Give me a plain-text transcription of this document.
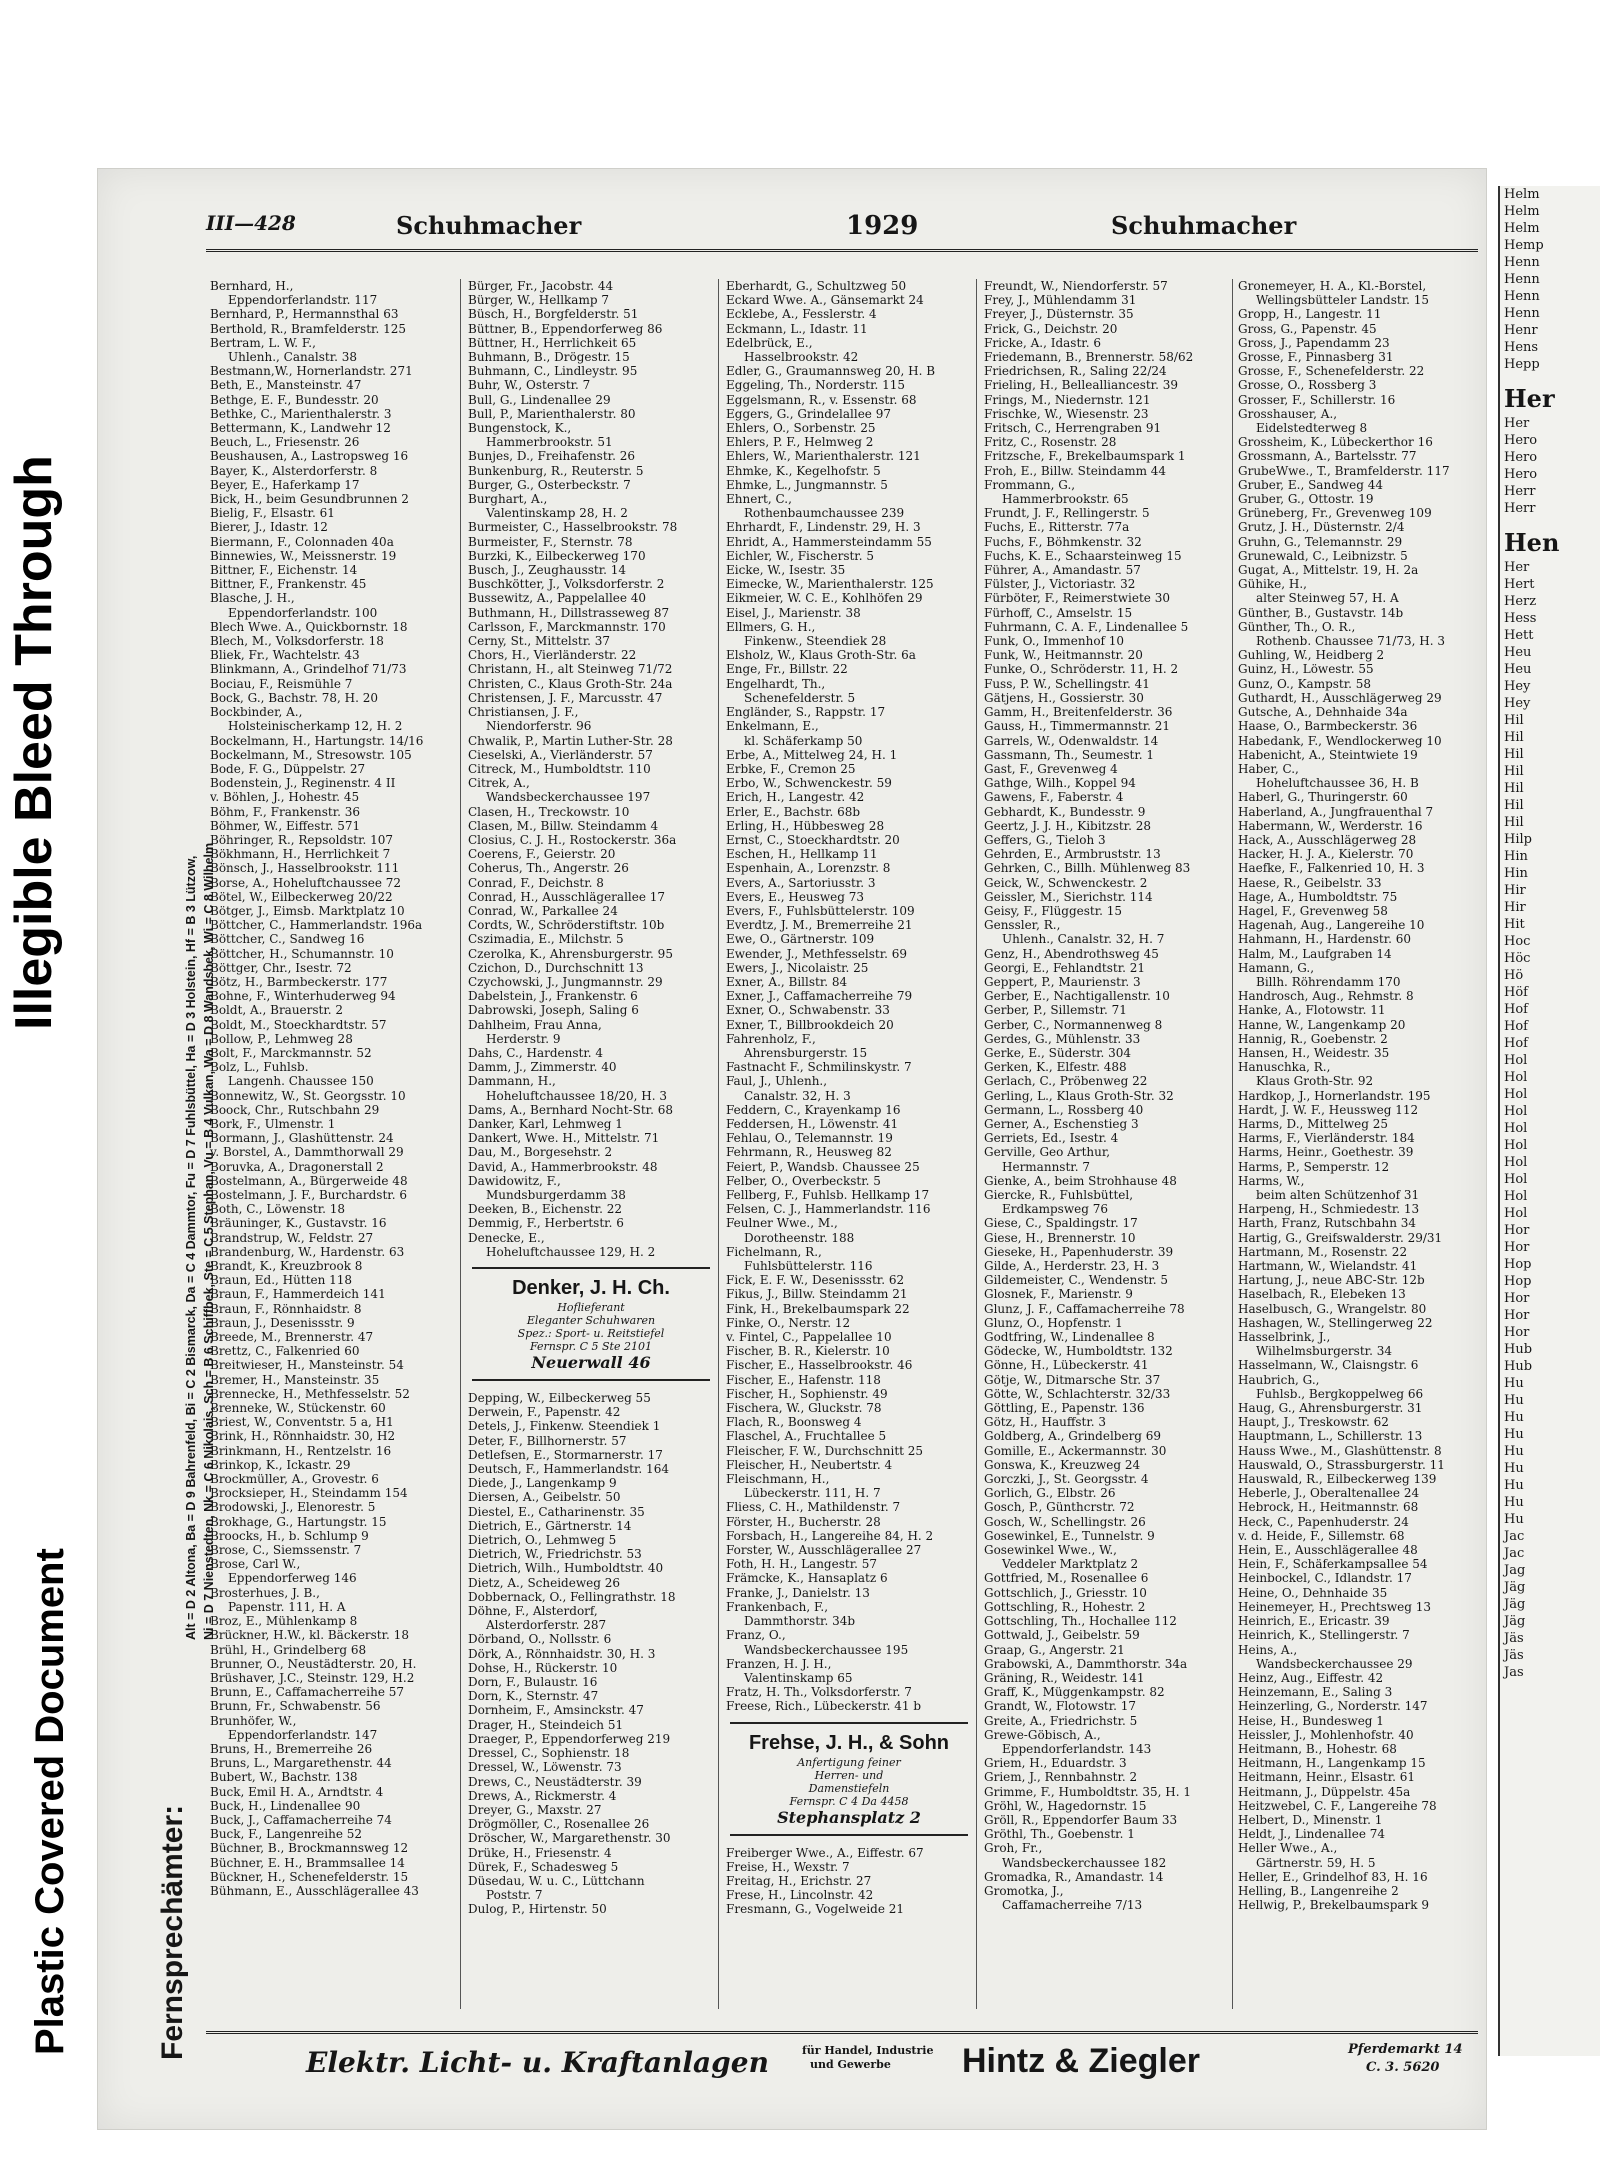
Plastic Covered Document
Illegible Bleed Through
III—428	Schuhmacher	1929	Schuhmacher
Fernsprechämter:
Alt = D 2 Altona, Ba = D 9 Bahrenfeld, Bi = C 2 Bismarck, Da = C 4 Dammtor, Fu = D 7 Fuhlsbüttel, Ha = D 3 Holstein, Hf = B 3 Lützow, Ni = D 7 Nienstedten, Nk = C 6 Nikolais, Sch = B 6 Schiffbek, Ste = C 5 Stephan, Vu = B 4 Vulkan, Wa = D 8 Wandsbek, Wi = C 8 Wilhelm
Bernhard, H.,
Eppendorferlandstr. 117
Bernhard, P., Hermannsthal 63
Berthold, R., Bramfelderstr. 125
Bertram, L. W. F.,
Uhlenh., Canalstr. 38
Bestmann,W., Hornerlandstr. 271
Beth, E., Mansteinstr. 47
Bethge, E. F., Bundesstr. 20
Bethke, C., Marienthalerstr. 3
Bettermann, K., Landwehr 12
Beuch, L., Friesenstr. 26
Beushausen, A., Lastropsweg 16
Bayer, K., Alsterdorferstr. 8
Beyer, E., Haferkamp 17
Bick, H., beim Gesundbrunnen 2
Bielig, F., Elsastr. 61
Bierer, J., Idastr. 12
Biermann, F., Colonnaden 40a
Binnewies, W., Meissnerstr. 19
Bittner, F., Eichenstr. 14
Bittner, F., Frankenstr. 45
Blasche, J. H.,
Eppendorferlandstr. 100
Blech Wwe. A., Quickbornstr. 18
Blech, M., Volksdorferstr. 18
Bliek, Fr., Wachtelstr. 43
Blinkmann, A., Grindelhof 71/73
Bociau, F., Reismühle 7
Bock, G., Bachstr. 78, H. 20
Bockbinder, A.,
Holsteinischerkamp 12, H. 2
Bockelmann, H., Hartungstr. 14/16
Bockelmann, M., Stresowstr. 105
Bode, F. G., Düppelstr. 27
Bodenstein, J., Reginenstr. 4 II
v. Böhlen, J., Hohestr. 45
Böhm, F., Frankenstr. 36
Böhmer, W., Eiffestr. 571
Böhringer, R., Repsoldstr. 107
Bökhmann, H., Herrlichkeit 7
Bönsch, J., Hasselbrookstr. 111
Borse, A., Hoheluftchaussee 72
Bötel, W., Eilbeckerweg 20/22
Bötger, J., Eimsb. Marktplatz 10
Böttcher, C., Hammerlandstr. 196a
Böttcher, C., Sandweg 16
Böttcher, H., Schumannstr. 10
Böttger, Chr., Isestr. 72
Bötz, H., Barmbeckerstr. 177
Bohne, F., Winterhuderweg 94
Boldt, A., Brauerstr. 2
Boldt, M., Stoeckhardtstr. 57
Bollow, P., Lehmweg 28
Bolt, F., Marckmannstr. 52
Bolz, L., Fuhlsb.
Langenh. Chaussee 150
Bonnewitz, W., St. Georgsstr. 10
Boock, Chr., Rutschbahn 29
Bork, F., Ulmenstr. 1
Bormann, J., Glashüttenstr. 24
v. Borstel, A., Dammthorwall 29
Boruvka, A., Dragonerstall 2
Bostelmann, A., Bürgerweide 48
Bostelmann, J. F., Burchardstr. 6
Both, C., Löwenstr. 18
Bräuninger, K., Gustavstr. 16
Brandstrup, W., Feldstr. 27
Brandenburg, W., Hardenstr. 63
Brandt, K., Kreuzbrook 8
Braun, Ed., Hütten 118
Braun, F., Hammerdeich 141
Braun, F., Rönnhaidstr. 8
Braun, J., Desenissstr. 9
Breede, M., Brennerstr. 47
Brettz, C., Falkenried 60
Breitwieser, H., Mansteinstr. 54
Bremer, H., Mansteinstr. 35
Brennecke, H., Methfesselstr. 52
Brenneke, W., Stückenstr. 60
Briest, W., Conventstr. 5 a, H1
Brink, H., Rönnhaidstr. 30, H2
Brinkmann, H., Rentzelstr. 16
Brinkop, K., Ickastr. 29
Brockmüller, A., Grovestr. 6
Brocksieper, H., Steindamm 154
Brodowski, J., Elenorestr. 5
Brokhage, G., Hartungstr. 15
Broocks, H., b. Schlump 9
Brose, C., Siemssenstr. 7
Brose, Carl W.,
Eppendorferweg 146
Brosterhues, J. B.,
Papenstr. 111, H. A
Broz, E., Mühlenkamp 8
Brückner, H.W., kl. Bäckerstr. 18
Brühl, H., Grindelberg 68
Brunner, O., Neustädterstr. 20, H.
Brüshaver, J.C., Steinstr. 129, H.2
Brunn, E., Caffamacherreihe 57
Brunn, Fr., Schwabenstr. 56
Brunhöfer, W.,
Eppendorferlandstr. 147
Bruns, H., Bremerreihe 26
Bruns, L., Margarethenstr. 44
Bubert, W., Bachstr. 138
Buck, Emil H. A., Arndtstr. 4
Buck, H., Lindenallee 90
Buck, J., Caffamacherreihe 74
Buck, F., Langenreihe 52
Büchner, B., Brockmannsweg 12
Büchner, E. H., Brammsallee 14
Bückner, H., Schenefelderstr. 15
Bühmann, E., Ausschlägerallee 43
Bürger, Fr., Jacobstr. 44
Bürger, W., Hellkamp 7
Büsch, H., Borgfelderstr. 51
Büttner, B., Eppendorferweg 86
Büttner, H., Herrlichkeit 65
Buhmann, B., Drögestr. 15
Buhmann, C., Lindleystr. 95
Buhr, W., Osterstr. 7
Bull, G., Lindenallee 29
Bull, P., Marienthalerstr. 80
Bungenstock, K.,
Hammerbrookstr. 51
Bunjes, D., Freihafenstr. 26
Bunkenburg, R., Reuterstr. 5
Burger, G., Osterbeckstr. 7
Burghart, A.,
Valentinskamp 28, H. 2
Burmeister, C., Hasselbrookstr. 78
Burmeister, F., Sternstr. 78
Burzki, K., Eilbeckerweg 170
Busch, J., Zeughausstr. 14
Buschkötter, J., Volksdorferstr. 2
Bussewitz, A., Pappelallee 40
Buthmann, H., Dillstrasseweg 87
Carlsson, F., Marckmannstr. 170
Cerny, St., Mittelstr. 37
Chors, H., Vierländerstr. 22
Christann, H., alt Steinweg 71/72
Christen, C., Klaus Groth-Str. 24a
Christensen, J. F., Marcusstr. 47
Christiansen, J. F.,
Niendorferstr. 96
Chwalik, P., Martin Luther-Str. 28
Cieselski, A., Vierländerstr. 57
Citreck, M., Humboldtstr. 110
Citrek, A.,
Wandsbeckerchaussee 197
Clasen, H., Treckowstr. 10
Clasen, M., Billw. Steindamm 4
Closius, C. J. H., Rostockerstr. 36a
Coerens, F., Geierstr. 20
Coherus, Th., Angerstr. 26
Conrad, F., Deichstr. 8
Conrad, H., Ausschlägerallee 17
Conrad, W., Parkallee 24
Cordts, W., Schröderstiftstr. 10b
Cszimadia, E., Milchstr. 5
Czerolka, K., Ahrensburgerstr. 95
Czichon, D., Durchschnitt 13
Czychowski, J., Jungmannstr. 29
Dabelstein, J., Frankenstr. 6
Dabrowski, Joseph, Saling 6
Dahlheim, Frau Anna,
Herderstr. 9
Dahs, C., Hardenstr. 4
Damm, J., Zimmerstr. 40
Dammann, H.,
Hoheluftchaussee 18/20, H. 3
Dams, A., Bernhard Nocht-Str. 68
Danker, Karl, Lehmweg 1
Dankert, Wwe. H., Mittelstr. 71
Dau, M., Borgesehstr. 2
David, A., Hammerbrookstr. 48
Dawidowitz, F.,
Mundsburgerdamm 38
Deeken, B., Eichenstr. 22
Demmig, F., Herbertstr. 6
Denecke, E.,
Hoheluftchaussee 129, H. 2
Denker, J. H. Ch.
Hoflieferant
Eleganter Schuhwaren
Spez.: Sport- u. Reitstiefel
Fernspr. C 5 Ste 2101
Neuerwall 46
Depping, W., Eilbeckerweg 55
Derwein, F., Papenstr. 42
Detels, J., Finkenw. Steendiek 1
Deter, F., Billhornerstr. 57
Detlefsen, E., Stormarnerstr. 17
Deutsch, F., Hammerlandstr. 164
Diede, J., Langenkamp 9
Diersen, A., Geibelstr. 50
Diestel, E., Catharinenstr. 35
Dietrich, E., Gärtnerstr. 14
Dietrich, O., Lehmweg 5
Dietrich, W., Friedrichstr. 53
Dietrich, Wilh., Humboldtstr. 40
Dietz, A., Scheideweg 26
Dobbernack, O., Fellingrathstr. 18
Döhne, F., Alsterdorf,
Alsterdorferstr. 287
Dörband, O., Nollsstr. 6
Dörk, A., Rönnhaidstr. 30, H. 3
Dohse, H., Rückerstr. 10
Dorn, F., Bulaustr. 16
Dorn, K., Sternstr. 47
Dornheim, F., Amsinckstr. 47
Drager, H., Steindeich 51
Draeger, P., Eppendorferweg 219
Dressel, C., Sophienstr. 18
Dressel, W., Löwenstr. 73
Drews, C., Neustädterstr. 39
Drews, A., Rickmerstr. 4
Dreyer, G., Maxstr. 27
Drögmöller, C., Rosenallee 26
Dröscher, W., Margarethenstr. 30
Drüke, H., Friesenstr. 4
Dürek, F., Schadesweg 5
Düsedau, W. u. C., Lüttchann
Poststr. 7
Dulog, P., Hirtenstr. 50
Eberhardt, G., Schultzweg 50
Eckard Wwe. A., Gänsemarkt 24
Ecklebe, A., Fesslerstr. 4
Eckmann, L., Idastr. 11
Edelbrück, E.,
Hasselbrookstr. 42
Edler, G., Graumannsweg 20, H. B
Eggeling, Th., Norderstr. 115
Eggelsmann, R., v. Essenstr. 68
Eggers, G., Grindelallee 97
Ehlers, O., Sorbenstr. 25
Ehlers, P. F., Helmweg 2
Ehlers, W., Marienthalerstr. 121
Ehmke, K., Kegelhofstr. 5
Ehmke, L., Jungmannstr. 5
Ehnert, C.,
Rothenbaumchaussee 239
Ehrhardt, F., Lindenstr. 29, H. 3
Ehridt, A., Hammersteindamm 55
Eichler, W., Fischerstr. 5
Eicke, W., Isestr. 35
Eimecke, W., Marienthalerstr. 125
Eikmeier, W. C. E., Kohlhöfen 29
Eisel, J., Marienstr. 38
Ellmers, G. H.,
Finkenw., Steendiek 28
Elsholz, W., Klaus Groth-Str. 6a
Enge, Fr., Billstr. 22
Engelhardt, Th.,
Schenefelderstr. 5
Engländer, S., Rappstr. 17
Enkelmann, E.,
kl. Schäferkamp 50
Erbe, A., Mittelweg 24, H. 1
Erbke, F., Cremon 25
Erbo, W., Schwenckestr. 59
Erich, H., Langestr. 42
Erler, E., Bachstr. 68b
Erling, H., Hübbesweg 28
Ernst, C., Stoeckhardtstr. 20
Eschen, H., Hellkamp 11
Espenhain, A., Lorenzstr. 8
Evers, A., Sartoriusstr. 3
Evers, E., Heusweg 73
Evers, F., Fuhlsbüttelerstr. 109
Everdtz, J. M., Bremerreihe 21
Ewe, O., Gärtnerstr. 109
Ewender, J., Methfesselstr. 69
Ewers, J., Nicolaistr. 25
Exner, A., Billstr. 84
Exner, J., Caffamacherreihe 79
Exner, O., Schwabenstr. 33
Exner, T., Billbrookdeich 20
Fahrenholz, F.,
Ahrensburgerstr. 15
Fastnacht F., Schmilinskystr. 7
Faul, J., Uhlenh.,
Canalstr. 32, H. 3
Feddern, C., Krayenkamp 16
Feddersen, H., Löwenstr. 41
Fehlau, O., Telemannstr. 19
Fehrmann, R., Heusweg 82
Feiert, P., Wandsb. Chaussee 25
Felber, O., Overbeckstr. 5
Fellberg, F., Fuhlsb. Hellkamp 17
Felsen, C. J., Hammerlandstr. 116
Feulner Wwe., M.,
Dorotheenstr. 188
Fichelmann, R.,
Fuhlsbüttelerstr. 116
Fick, E. F. W., Desenissstr. 62
Fikus, J., Billw. Steindamm 21
Fink, H., Brekelbaumspark 22
Finke, O., Nerstr. 12
v. Fintel, C., Pappelallee 10
Fischer, B. R., Kielerstr. 10
Fischer, E., Hasselbrookstr. 46
Fischer, E., Hafenstr. 118
Fischer, H., Sophienstr. 49
Fischera, W., Gluckstr. 78
Flach, R., Boonsweg 4
Flaschel, A., Fruchtallee 5
Fleischer, F. W., Durchschnitt 25
Fleischer, H., Neubertstr. 4
Fleischmann, H.,
Lübeckerstr. 111, H. 7
Fliess, C. H., Mathildenstr. 7
Förster, H., Bucherstr. 28
Forsbach, H., Langereihe 84, H. 2
Forster, W., Ausschlägerallee 27
Foth, H. H., Langestr. 57
Främcke, K., Hansaplatz 6
Franke, J., Danielstr. 13
Frankenbach, F.,
Dammthorstr. 34b
Franz, O.,
Wandsbeckerchaussee 195
Franzen, H. J. H.,
Valentinskamp 65
Fratz, H. Th., Volksdorferstr. 7
Freese, Rich., Lübeckerstr. 41 b
Frehse, J. H., & Sohn
Anfertigung feiner
Herren- und
Damenstiefeln
Fernspr. C 4 Da 4458
Stephansplatz 2
Freiberger Wwe., A., Eiffestr. 67
Freise, H., Wexstr. 7
Freitag, H., Erichstr. 27
Frese, H., Lincolnstr. 42
Fresmann, G., Vogelweide 21
Freundt, W., Niendorferstr. 57
Frey, J., Mühlendamm 31
Freyer, J., Düsternstr. 35
Frick, G., Deichstr. 20
Fricke, A., Idastr. 6
Friedemann, B., Brennerstr. 58/62
Friedrichsen, R., Saling 22/24
Frieling, H., Bellealliancestr. 39
Frings, M., Niedernstr. 121
Frischke, W., Wiesenstr. 23
Fritsch, C., Herrengraben 91
Fritz, C., Rosenstr. 28
Fritzsche, F., Brekelbaumspark 1
Froh, E., Billw. Steindamm 44
Frommann, G.,
Hammerbrookstr. 65
Frundt, J. F., Rellingerstr. 5
Fuchs, E., Ritterstr. 77a
Fuchs, F., Böhmkenstr. 32
Fuchs, K. E., Schaarsteinweg 15
Führer, A., Amandastr. 57
Fülster, J., Victoriastr. 32
Fürböter, F., Reimerstwiete 30
Fürhoff, C., Amselstr. 15
Fuhrmann, C. A. F., Lindenallee 5
Funk, O., Immenhof 10
Funk, W., Heitmannstr. 20
Funke, O., Schröderstr. 11, H. 2
Fuss, P. W., Schellingstr. 41
Gätjens, H., Gossierstr. 30
Gamm, H., Breitenfelderstr. 36
Gauss, H., Timmermannstr. 21
Garrels, W., Odenwaldstr. 14
Gassmann, Th., Seumestr. 1
Gast, F., Grevenweg 4
Gathge, Wilh., Koppel 94
Gawens, F., Faberstr. 4
Gebhardt, K., Bundesstr. 9
Geertz, J. J. H., Kibitzstr. 28
Geffers, G., Tieloh 3
Gehrden, E., Armbruststr. 13
Gehrken, C., Billh. Mühlenweg 83
Geick, W., Schwenckestr. 2
Geissler, M., Sierichstr. 114
Geisy, F., Flüggestr. 15
Genssler, R.,
Uhlenh., Canalstr. 32, H. 7
Genz, H., Abendrothsweg 45
Georgi, E., Fehlandtstr. 21
Geppert, P., Maurienstr. 3
Gerber, E., Nachtigallenstr. 10
Gerber, P., Sillemstr. 71
Gerber, C., Normannenweg 8
Gerdes, G., Mühlenstr. 33
Gerke, E., Süderstr. 304
Gerken, K., Elfestr. 488
Gerlach, C., Pröbenweg 22
Gerling, L., Klaus Groth-Str. 32
Germann, L., Rossberg 40
Gerner, A., Eschenstieg 3
Gerriets, Ed., Isestr. 4
Gerville, Geo Arthur,
Hermannstr. 7
Gienke, A., beim Strohhause 48
Giercke, R., Fuhlsbüttel,
Erdkampsweg 76
Giese, C., Spaldingstr. 17
Giese, H., Brennerstr. 10
Gieseke, H., Papenhuderstr. 39
Gilde, A., Herderstr. 23, H. 3
Gildemeister, C., Wendenstr. 5
Glosnek, F., Marienstr. 9
Glunz, J. F., Caffamacherreihe 78
Glunz, O., Hopfenstr. 1
Godtfring, W., Lindenallee 8
Gödecke, W., Humboldtstr. 132
Gönne, H., Lübeckerstr. 41
Götje, W., Ditmarsche Str. 37
Götte, W., Schlachterstr. 32/33
Göttling, E., Papenstr. 136
Götz, H., Hauffstr. 3
Goldberg, A., Grindelberg 69
Gomille, E., Ackermannstr. 30
Gonswa, K., Kreuzweg 24
Gorczki, J., St. Georgsstr. 4
Gorlich, G., Elbstr. 26
Gosch, P., Günthcrstr. 72
Gosch, W., Schellingstr. 26
Gosewinkel, E., Tunnelstr. 9
Gosewinkel Wwe., W.,
Veddeler Marktplatz 2
Gottfried, M., Rosenallee 6
Gottschlich, J., Griesstr. 10
Gottschling, R., Hohestr. 2
Gottschling, Th., Hochallee 112
Gottwald, J., Geibelstr. 59
Graap, G., Angerstr. 21
Grabowski, A., Dammthorstr. 34a
Gräning, R., Weidestr. 141
Graff, K., Müggenkampstr. 82
Grandt, W., Flotowstr. 17
Greite, A., Friedrichstr. 5
Grewe-Göbisch, A.,
Eppendorferlandstr. 143
Griem, H., Eduardstr. 3
Griem, J., Rennbahnstr. 2
Grimme, F., Humboldtstr. 35, H. 1
Gröhl, W., Hagedornstr. 15
Gröll, R., Eppendorfer Baum 33
Gröthl, Th., Goebenstr. 1
Groh, Fr.,
Wandsbeckerchaussee 182
Gromadka, R., Amandastr. 14
Gromotka, J.,
Caffamacherreihe 7/13
Gronemeyer, H. A., Kl.-Borstel,
Wellingsbütteler Landstr. 15
Gropp, H., Langestr. 11
Gross, G., Papenstr. 45
Gross, J., Papendamm 23
Grosse, F., Pinnasberg 31
Grosse, F., Schenefelderstr. 22
Grosse, O., Rossberg 3
Grosser, F., Schillerstr. 16
Grosshauser, A.,
Eidelstedterweg 8
Grossheim, K., Lübeckerthor 16
Grossmann, A., Bartelsstr. 77
GrubeWwe., T., Bramfelderstr. 117
Gruber, E., Sandweg 44
Gruber, G., Ottostr. 19
Grüneberg, Fr., Grevenweg 109
Grutz, J. H., Düsternstr. 2/4
Gruhn, G., Telemannstr. 29
Grunewald, C., Leibnizstr. 5
Gugat, A., Mittelstr. 19, H. 2a
Gühike, H.,
alter Steinweg 57, H. A
Günther, B., Gustavstr. 14b
Günther, Th., O. R.,
Rothenb. Chaussee 71/73, H. 3
Guhling, W., Heidberg 2
Guinz, H., Löwestr. 55
Gunz, O., Kampstr. 58
Guthardt, H., Ausschlägerweg 29
Gutsche, A., Dehnhaide 34a
Haase, O., Barmbeckerstr. 36
Habedank, F., Wendlockerweg 10
Habenicht, A., Steintwiete 19
Haber, C.,
Hoheluftchaussee 36, H. B
Haberl, G., Thuringerstr. 60
Haberland, A., Jungfrauenthal 7
Habermann, W., Werderstr. 16
Hack, A., Ausschlägerweg 28
Hacker, H. J. A., Kielerstr. 70
Haefke, F., Falkenried 10, H. 3
Haese, R., Geibelstr. 33
Hage, A., Humboldtstr. 75
Hagel, F., Grevenweg 58
Hagenah, Aug., Langereihe 10
Hahmann, H., Hardenstr. 60
Halm, M., Laufgraben 14
Hamann, G.,
Billh. Röhrendamm 170
Handrosch, Aug., Rehmstr. 8
Hanke, A., Flotowstr. 11
Hanne, W., Langenkamp 20
Hannig, R., Goebenstr. 2
Hansen, H., Weidestr. 35
Hanuschka, R.,
Klaus Groth-Str. 92
Hardkop, J., Hornerlandstr. 195
Hardt, J. W. F., Heussweg 112
Harms, D., Mittelweg 25
Harms, F., Vierländerstr. 184
Harms, Heinr., Goethestr. 39
Harms, P., Semperstr. 12
Harms, W.,
beim alten Schützenhof 31
Harpeng, H., Schmiedestr. 13
Harth, Franz, Rutschbahn 34
Hartig, G., Greifswalderstr. 29/31
Hartmann, M., Rosenstr. 22
Hartmann, W., Wielandstr. 41
Hartung, J., neue ABC-Str. 12b
Haselbach, R., Elebeken 13
Haselbusch, G., Wrangelstr. 80
Hashagen, W., Stellingerweg 22
Hasselbrink, J.,
Wilhelmsburgerstr. 34
Hasselmann, W., Claisngstr. 6
Haubrich, G.,
Fuhlsb., Bergkoppelweg 66
Haug, G., Ahrensburgerstr. 31
Haupt, J., Treskowstr. 62
Hauptmann, L., Schillerstr. 13
Hauss Wwe., M., Glashüttenstr. 8
Hauswald, O., Strassburgerstr. 11
Hauswald, R., Eilbeckerweg 139
Heberle, J., Oberaltenallee 24
Hebrock, H., Heitmannstr. 68
Heck, C., Papenhuderstr. 24
v. d. Heide, F., Sillemstr. 68
Hein, E., Ausschlägerallee 48
Hein, F., Schäferkampsallee 54
Heinbockel, C., Idlandstr. 17
Heine, O., Dehnhaide 35
Heinemeyer, H., Prechtsweg 13
Heinrich, E., Ericastr. 39
Heinrich, K., Stellingerstr. 7
Heins, A.,
Wandsbeckerchaussee 29
Heinz, Aug., Eiffestr. 42
Heinzemann, E., Saling 3
Heinzerling, G., Norderstr. 147
Heise, H., Bundesweg 1
Heissler, J., Mohlenhofstr. 40
Heitmann, B., Hohestr. 68
Heitmann, H., Langenkamp 15
Heitmann, Heinr., Elsastr. 61
Heitmann, J., Düppelstr. 45a
Heitzwebel, C. F., Langereihe 78
Helbert, D., Minenstr. 1
Heldt, J., Lindenallee 74
Heller Wwe., A.,
Gärtnerstr. 59, H. 5
Heller, E., Grindelhof 83, H. 16
Helling, B., Langenreihe 2
Hellwig, P., Brekelbaumspark 9
Elektr. Licht- u. Kraftanlagen	für Handel, Industrie
und Gewerbe Hintz & Ziegler	Pferdemarkt 14
C. 3. 5620
Helm
Helm
Helm
Hemp
Henn
Henn
Henn
Henn
Henr
Hens
Hepp
Her
Her
Hero
Hero
Hero
Herr
Herr
Hen
Her
Hert
Herz
Hess
Hett
Heu
Heu
Hey
Hey
Hil
Hil
Hil
Hil
Hil
Hil
Hil
Hilp
Hin
Hin
Hir
Hir
Hit
Hoc
Höc
Hö
Höf
Hof
Hof
Hof
Hol
Hol
Hol
Hol
Hol
Hol
Hol
Hol
Hol
Hol
Hor
Hor
Hop
Hop
Hor
Hor
Hor
Hub
Hub
Hu
Hu
Hu
Hu
Hu
Hu
Hu
Hu
Hu
Jac
Jac
Jag
Jäg
Jäg
Jäg
Jäs
Jäs
Jas
